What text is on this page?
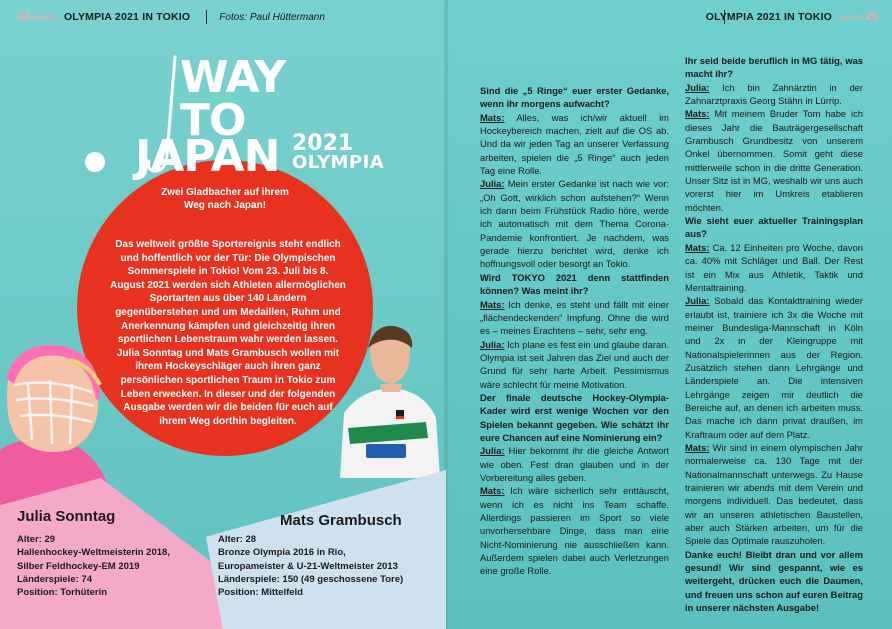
24 sport01 OLYMPIA 2021 IN TOKIO	Fotos: Paul Hüttermann	OLYMPIA 2021 IN TOKIO sport01 25
WAY
TO
JAPAN 2021
OLYMPIA
Zwei Gladbacher auf ihrem Weg nach Japan!
Das weltweit größte Sportereignis steht endlich und hoffentlich vor der Tür: Die Olympischen Sommerspiele in Tokio! Vom 23. Juli bis 8. August 2021 werden sich Athleten allermöglichen Sportarten aus über 140 Ländern gegenüberstehen und um Medaillen, Ruhm und Anerkennung kämpfen und gleichzeitig ihren sportlichen Lebenstraum wahr werden lassen. Julia Sonntag und Mats Grambusch wollen mit ihrem Hockeyschläger auch ihren ganz persönlichen sportlichen Traum in Tokio zum Leben erwecken. In dieser und der folgenden Ausgabe werden wir die beiden für euch auf ihrem Weg dorthin begleiten.
Julia Sonntag
Alter: 29
Hallenhockey-Weltmeisterin 2018,
Silber Feldhockey-EM 2019
Länderspiele: 74
Position: Torhüterin
Mats Grambusch
Alter: 28
Bronze Olympia 2016 in Rio,
Europameister & U-21-Weltmeister 2013
Länderspiele: 150 (49 geschossene Tore)
Position: Mittelfeld

Sind die „5 Ringe“ euer erster Gedanke, wenn ihr morgens aufwacht?

Mats: Alles, was ich/wir aktuell im Hockeybereich machen, zielt auf die OS ab. Und da wir jeden Tag an unserer Verfassung arbeiten, spielen die „5 Ringe“ auch jeden Tag eine Rolle.

Julia: Mein erster Gedanke ist nach wie vor: „Oh Gott, wirklich schon aufstehen?“ Wenn ich dann beim Frühstück Radio höre, werde ich automatisch mit dem Thema Corona-Pandemie konfrontiert. Je nachdem, was gerade hierzu berichtet wird, denke ich hoffnungsvoll oder besorgt an Tokio.

Wird TOKYO 2021 denn stattfinden können? Was meint ihr?

Mats: Ich denke, es steht und fällt mit einer „flächendeckenden“ Impfung. Ohne die wird es – meines Erachtens – sehr, sehr eng.

Julia: Ich plane es fest ein und glaube daran. Olympia ist seit Jahren das Ziel und auch der Grund für sehr harte Arbeit. Pessimismus wäre schlecht für meine Motivation.

Der finale deutsche Hockey-Olympia-Kader wird erst wenige Wochen vor den Spielen bekannt gegeben. Wie schätzt ihr eure Chancen auf eine Nominierung ein?

Julia: Hier bekommt ihr die gleiche Antwort wie oben. Fest dran glauben und in der Vorbereitung alles geben.

Mats: Ich wäre sicherlich sehr enttäuscht, wenn ich es nicht ins Team schaffe. Allerdings passieren im Sport so viele unvorhersehbare Dinge, dass man eine Nicht-Nominierung nie ausschließen kann. Außerdem spielen dabei auch Verletzungen eine große Rolle.

Ihr seid beide beruflich in MG tätig, was macht ihr?

Julia: Ich bin Zahnärztin in der Zahnarztpraxis Georg Stähn in Lürrip.

Mats: Mit meinem Bruder Tom habe ich dieses Jahr die Bauträgergesellschaft Grambusch Grundbesitz von unserem Onkel übernommen. Somit geht diese mittlerweile schon in die dritte Generation. Unser Sitz ist in MG, weshalb wir uns auch vorerst hier im Umkreis etablieren möchten.

Wie sieht euer aktueller Trainingsplan aus?

Mats: Ca. 12 Einheiten pro Woche, davon ca. 40% mit Schläger und Ball. Der Rest ist ein Mix aus Athletik, Taktik und Mentaltraining.

Julia: Sobald das Kontakttraining wieder erlaubt ist, trainiere ich 3x die Woche mit meiner Bundesliga-Mannschaft in Köln und 2x in der Kleingruppe mit Nationalspielerinnen aus der Region. Zusätzlich stehen dann Lehrgänge und Länderspiele an. Die intensiven Lehrgänge zeigen mir deutlich die Bereiche auf, an denen ich arbeiten muss. Das mache ich dann privat draußen, im Kraftraum oder auf dem Platz.

Mats: Wir sind in einem olympischen Jahr normalerweise ca. 130 Tage mit der Nationalmannschaft unterwegs. Zu Hause trainieren wir abends mit dem Verein und morgens individuell. Das bedeutet, dass wir an unseren athletischen Baustellen, aber auch Stärken arbeiten, um für die Spiele das Optimale rauszuholen.

Danke euch! Bleibt dran und vor allem gesund! Wir sind gespannt, wie es weitergeht, drücken euch die Daumen, und freuen uns schon auf euren Beitrag in unserer nächsten Ausgabe!
